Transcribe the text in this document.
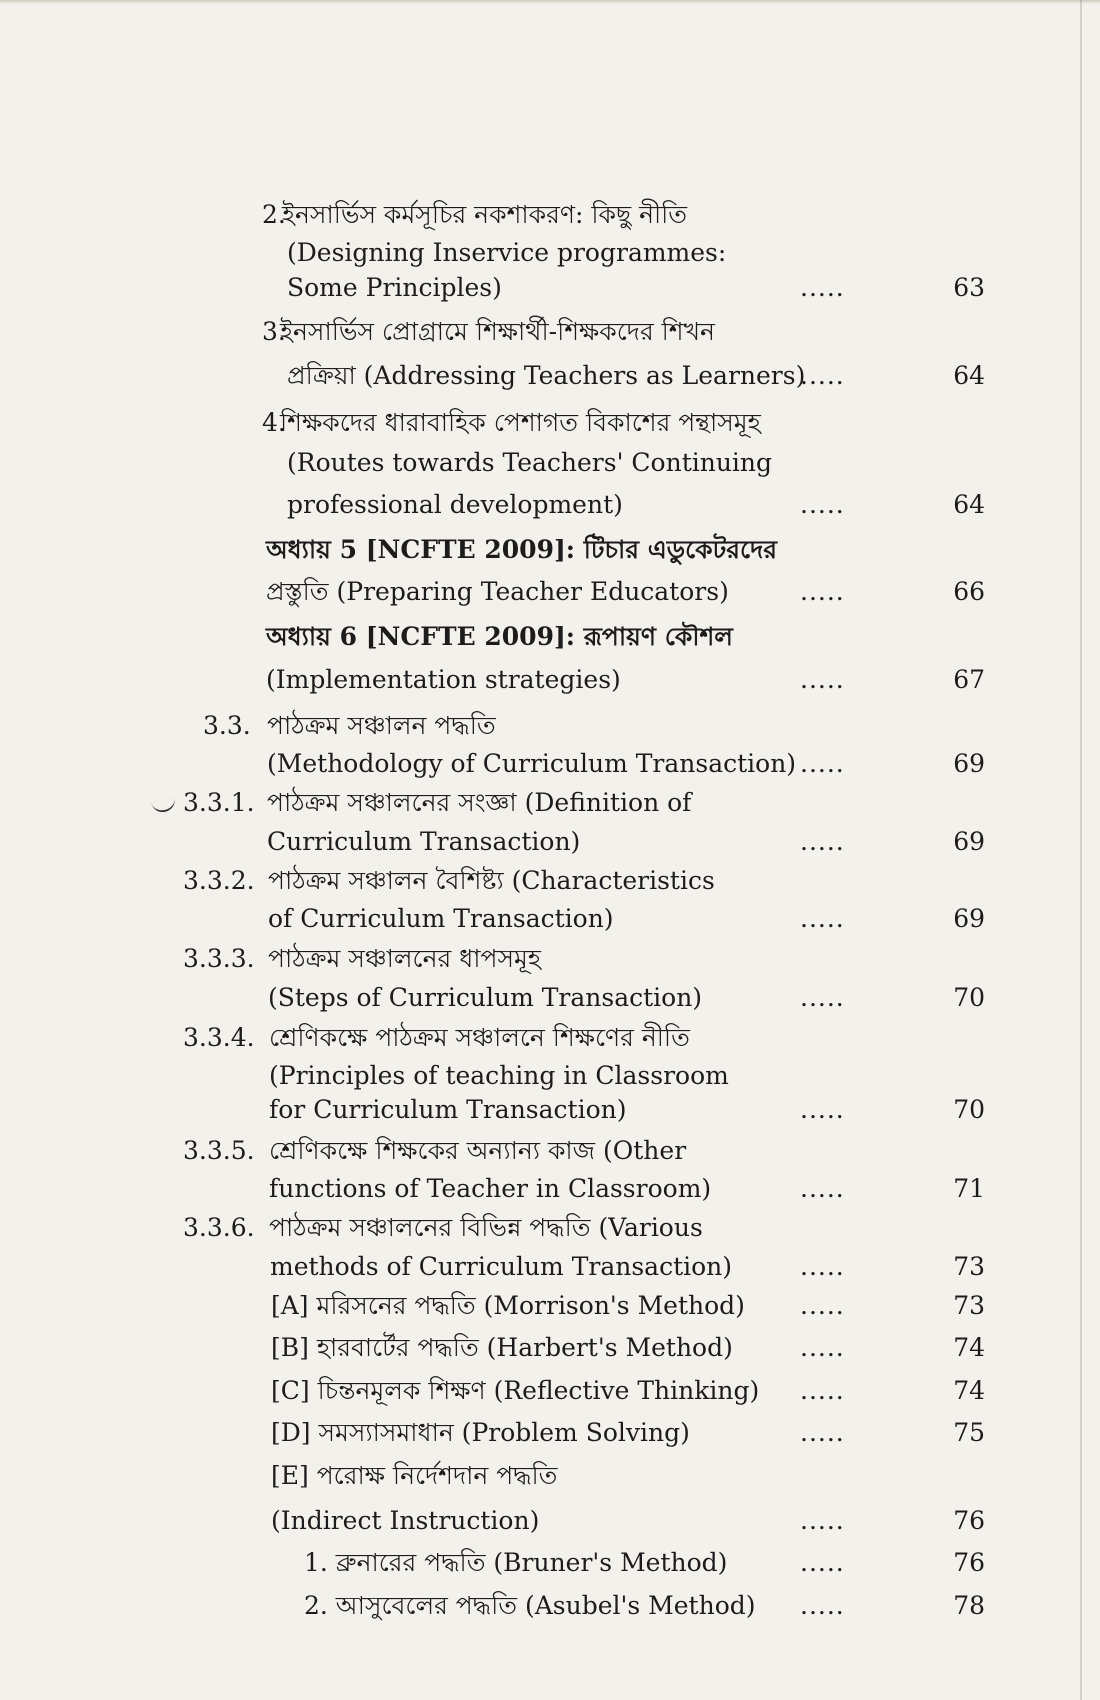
2.
ইনসার্ভিস কর্মসূচির নকশাকরণ: কিছু নীতি
(Designing Inservice programmes:
Some Principles)	.....	63
3.
ইনসার্ভিস প্রোগ্রামে শিক্ষার্থী-শিক্ষকদের শিখন
প্রক্রিয়া (Addressing Teachers as Learners)
.....	64
4.
শিক্ষকদের ধারাবাহিক পেশাগত বিকাশের পন্থাসমূহ
(Routes towards Teachers' Continuing
professional development)	.....	64
অধ্যায় 5 [NCFTE 2009]: টিচার এডুকেটরদের
প্রস্তুতি (Preparing Teacher Educators)	.....	66
অধ্যায় 6 [NCFTE 2009]: রূপায়ণ কৌশল
(Implementation strategies)	.....	67
3.3. পাঠক্রম সঞ্চালন পদ্ধতি
(Methodology of Curriculum Transaction) .....	69
3.3.1. পাঠক্রম সঞ্চালনের সংজ্ঞা (Definition of
Curriculum Transaction)	.....	69
3.3.2. পাঠক্রম সঞ্চালন বৈশিষ্ট্য (Characteristics
of Curriculum Transaction)	.....	69
3.3.3. পাঠক্রম সঞ্চালনের ধাপসমূহ
(Steps of Curriculum Transaction)	.....	70
3.3.4. শ্রেণিকক্ষে পাঠক্রম সঞ্চালনে শিক্ষণের নীতি
(Principles of teaching in Classroom
for Curriculum Transaction)	.....	70
3.3.5. শ্রেণিকক্ষে শিক্ষকের অন্যান্য কাজ (Other
functions of Teacher in Classroom)	.....	71
3.3.6. পাঠক্রম সঞ্চালনের বিভিন্ন পদ্ধতি (Various
methods of Curriculum Transaction)	.....	73
[A] মরিসনের পদ্ধতি (Morrison's Method) .....	73
[B] হারবার্টের পদ্ধতি (Harbert's Method)	.....	74
[C] চিন্তনমূলক শিক্ষণ (Reflective Thinking) .....	74
[D] সমস্যাসমাধান (Problem Solving)	.....	75
[E] পরোক্ষ নির্দেশদান পদ্ধতি
(Indirect Instruction)	.....	76
1. ব্রুনারের পদ্ধতি (Bruner's Method)	.....	76
2. আসুবেলের পদ্ধতি (Asubel's Method) .....	78
